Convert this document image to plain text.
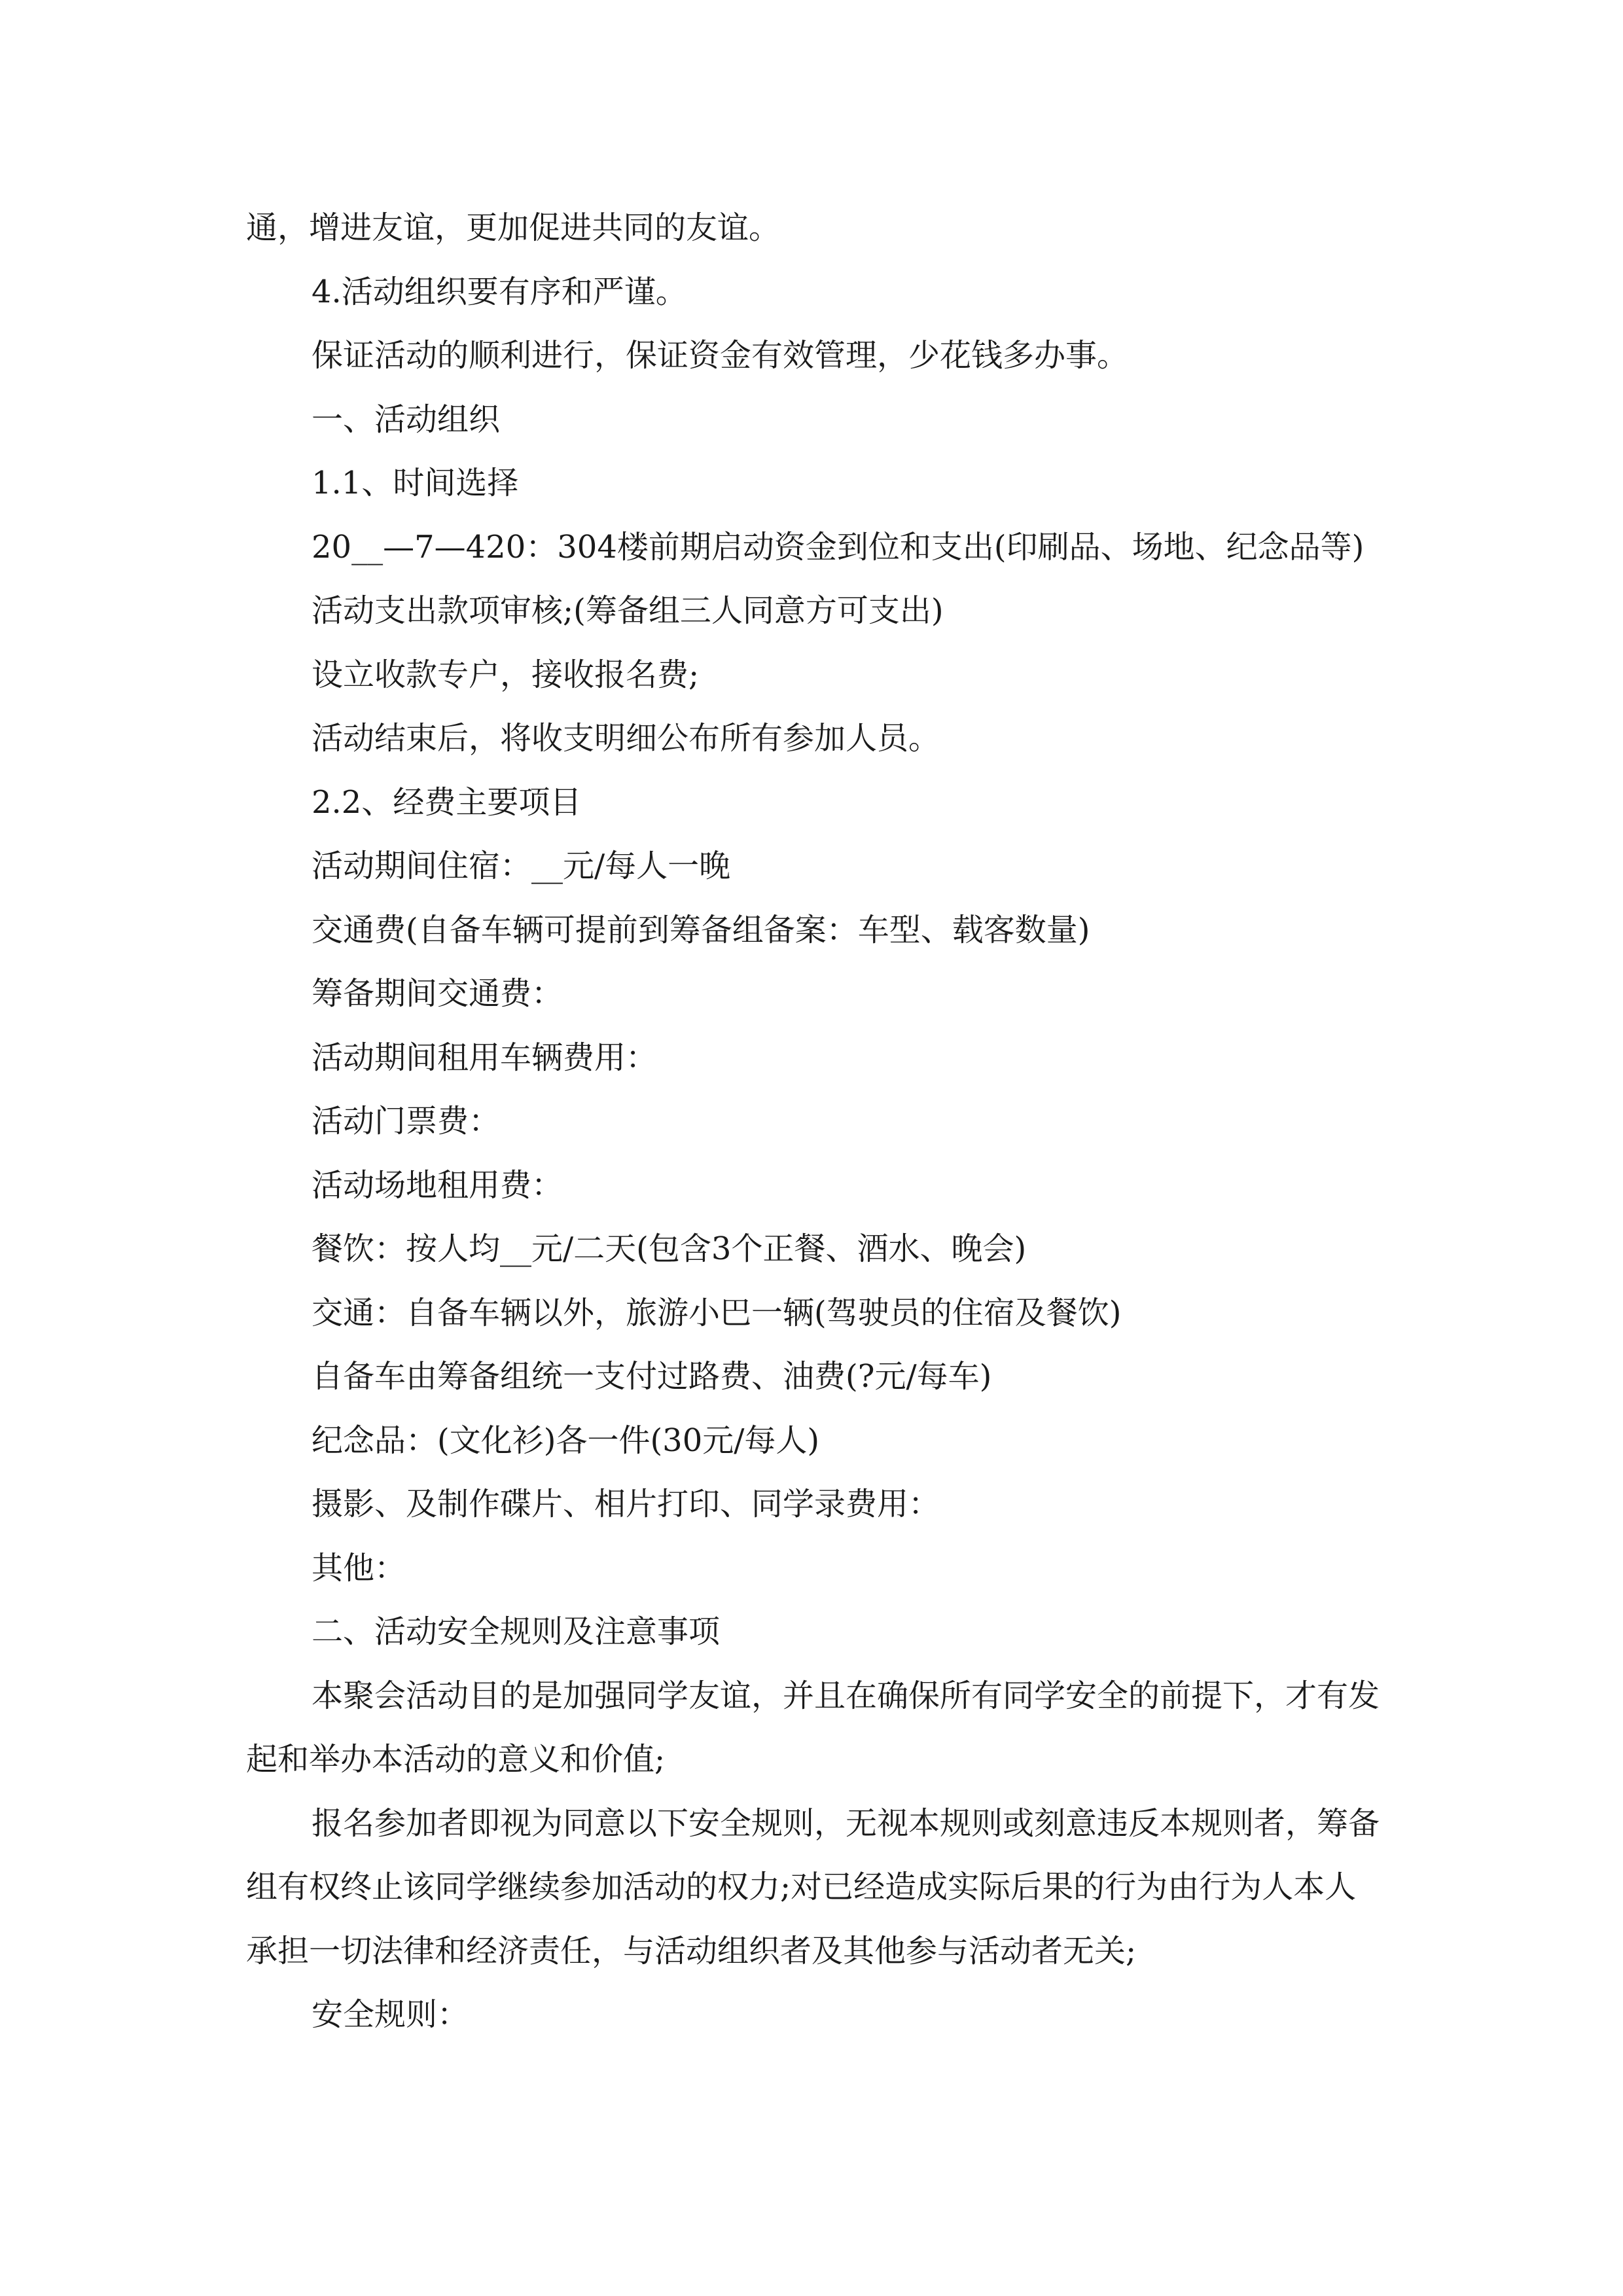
通，增进友谊，更加促进共同的友谊。

4.活动组织要有序和严谨。

保证活动的顺利进行，保证资金有效管理，少花钱多办事。

一、活动组织

1.1、时间选择

20__—7—420：304楼前期启动资金到位和支出(印刷品、场地、纪念品等)

活动支出款项审核;(筹备组三人同意方可支出)

设立收款专户，接收报名费;

活动结束后，将收支明细公布所有参加人员。

2.2、经费主要项目

活动期间住宿：__元/每人一晚

交通费(自备车辆可提前到筹备组备案：车型、载客数量)

筹备期间交通费：

活动期间租用车辆费用：

活动门票费：

活动场地租用费：

餐饮：按人均__元/二天(包含3个正餐、酒水、晚会)

交通：自备车辆以外，旅游小巴一辆(驾驶员的住宿及餐饮)

自备车由筹备组统一支付过路费、油费(?元/每车)

纪念品：(文化衫)各一件(30元/每人)

摄影、及制作碟片、相片打印、同学录费用：

其他：

二、活动安全规则及注意事项

本聚会活动目的是加强同学友谊，并且在确保所有同学安全的前提下，才有发起和举办本活动的意义和价值;

报名参加者即视为同意以下安全规则，无视本规则或刻意违反本规则者，筹备组有权终止该同学继续参加活动的权力;对已经造成实际后果的行为由行为人本人承担一切法律和经济责任，与活动组织者及其他参与活动者无关;

安全规则：
